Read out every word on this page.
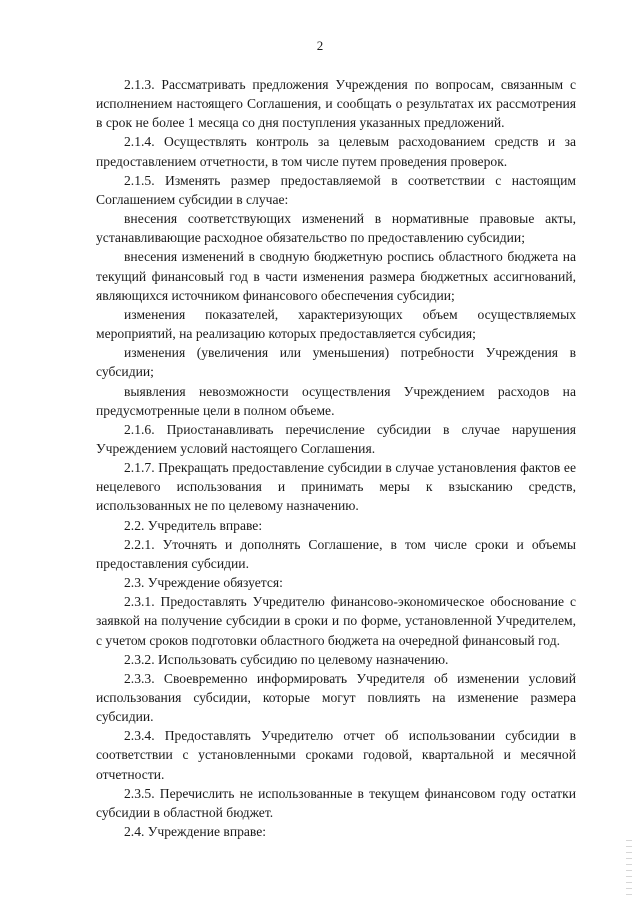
2

2.1.3. Рассматривать предложения Учреждения по вопросам, связанным с исполнением настоящего Соглашения, и сообщать о результатах их рассмотрения в срок не более 1 месяца со дня поступления указанных предложений.

2.1.4. Осуществлять контроль за целевым расходованием средств и за предоставлением отчетности, в том числе путем проведения проверок.

2.1.5. Изменять размер предоставляемой в соответствии с настоящим Соглашением субсидии в случае:

внесения соответствующих изменений в нормативные правовые акты, устанавливающие расходное обязательство по предоставлению субсидии;

внесения изменений в сводную бюджетную роспись областного бюджета на текущий финансовый год в части изменения размера бюджетных ассигнований, являющихся источником финансового обеспечения субсидии;

изменения показателей, характеризующих объем осуществляемых мероприятий, на реализацию которых предоставляется субсидия;

изменения (увеличения или уменьшения) потребности Учреждения в субсидии;

выявления невозможности осуществления Учреждением расходов на предусмотренные цели в полном объеме.

2.1.6. Приостанавливать перечисление субсидии в случае нарушения Учреждением условий настоящего Соглашения.

2.1.7. Прекращать предоставление субсидии в случае установления фактов ее нецелевого использования и принимать меры к взысканию средств, использованных не по целевому назначению.

2.2. Учредитель вправе:

2.2.1. Уточнять и дополнять Соглашение, в том числе сроки и объемы предоставления субсидии.

2.3. Учреждение обязуется:

2.3.1. Предоставлять Учредителю финансово-экономическое обоснование с заявкой на получение субсидии в сроки и по форме, установленной Учредителем, с учетом сроков подготовки областного бюджета на очередной финансовый год.

2.3.2. Использовать субсидию по целевому назначению.

2.3.3. Своевременно информировать Учредителя об изменении условий использования субсидии, которые могут повлиять на изменение размера субсидии.

2.3.4. Предоставлять Учредителю отчет об использовании субсидии в соответствии с установленными сроками годовой, квартальной и месячной отчетности.

2.3.5. Перечислить не использованные в текущем финансовом году остатки субсидии в областной бюджет.

2.4. Учреждение вправе:
